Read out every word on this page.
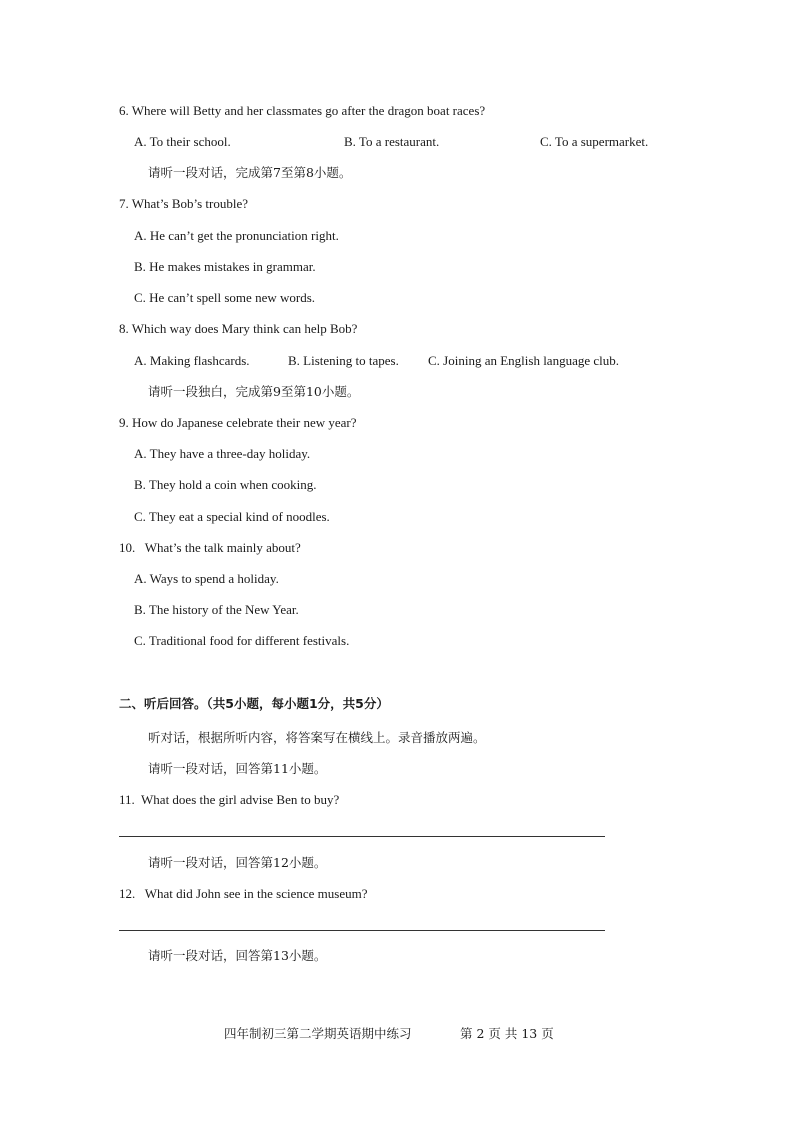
6. Where will Betty and her classmates go after the dragon boat races?
A. To their school.	B. To a restaurant.	C. To a supermarket.
请听一段对话，完成第7至第8小题。
7. What’s Bob’s trouble?
A. He can’t get the pronunciation right.
B. He makes mistakes in grammar.
C. He can’t spell some new words.
8. Which way does Mary think can help Bob?
A. Making flashcards.	B. Listening to tapes. C. Joining an English language club.
请听一段独白，完成第9至第10小题。
9. How do Japanese celebrate their new year?
A. They have a three-day holiday.
B. They hold a coin when cooking.
C. They eat a special kind of noodles.
10.   What’s the talk mainly about?
A. Ways to spend a holiday.
B. The history of the New Year.
C. Traditional food for different festivals.
二、听后回答。（共5小题，每小题1分，共5分）
听对话，根据所听内容，将答案写在横线上。录音播放两遍。
请听一段对话，回答第11小题。
11.  What does the girl advise Ben to buy?
请听一段对话，回答第12小题。
12.   What did John see in the science museum?
请听一段对话，回答第13小题。
四年制初三第二学期英语期中练习	第 2 页 共 13 页
